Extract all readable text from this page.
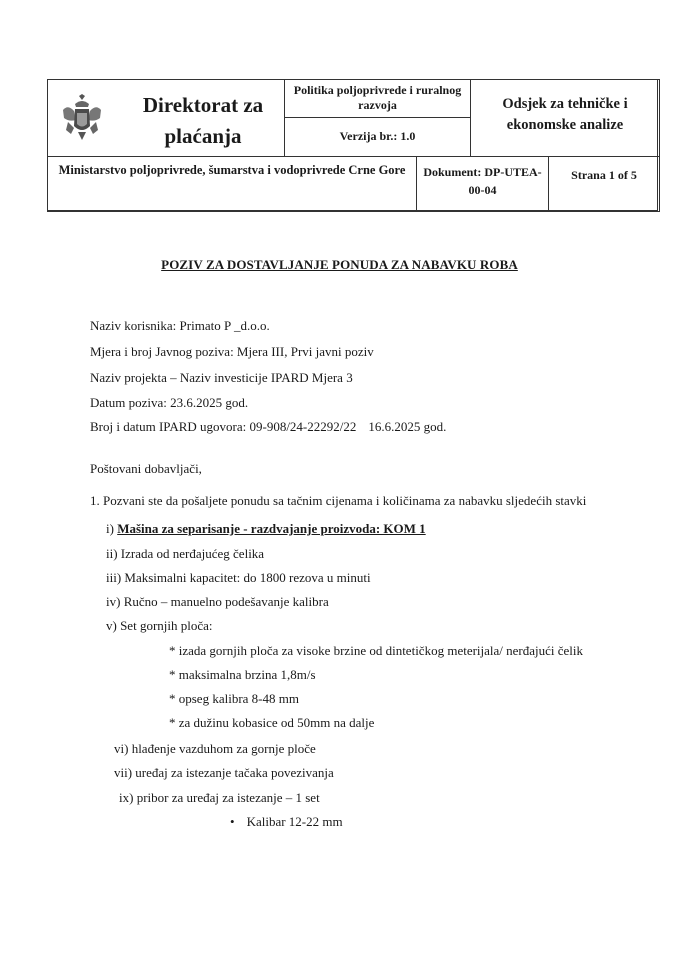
Direktorat za plaćanja
Politika poljoprivrede i ruralnog razvoja
Verzija br.: 1.0
Odsjek za tehničke i ekonomske analize
Ministarstvo poljoprivrede, šumarstva i vodoprivrede Crne Gore	Dokument: DP-UTEA-00-04
Strana 1 of 5
POZIV ZA DOSTAVLJANJE PONUDA ZA NABAVKU ROBA
Naziv korisnika: Primato P _d.o.o.
Mjera i broj Javnog poziva: Mjera III, Prvi javni poziv
Naziv projekta – Naziv investicije IPARD Mjera 3
Datum poziva: 23.6.2025 god.
Broj i datum IPARD ugovora: 09-908/24-22292/22 16.6.2025 god.
Poštovani dobavljači,
1. Pozvani ste da pošaljete ponudu sa tačnim cijenama i količinama za nabavku sljedećih stavki
i) Mašina za separisanje - razdvajanje proizvoda: KOM 1
ii) Izrada od nerđajućeg čelika
iii) Maksimalni kapacitet: do 1800 rezova u minuti
iv) Ručno – manuelno podešavanje kalibra
v) Set gornjih ploča:
* izada gornjih ploča za visoke brzine od dintetičkog meterijala/ nerđajući čelik
* maksimalna brzina 1,8m/s
* opseg kalibra 8-48 mm
* za dužinu kobasice od 50mm na dalje
vi) hlađenje vazduhom za gornje ploče
vii) uređaj za istezanje tačaka povezivanja
ix) pribor za uređaj za istezanje – 1 set
• Kalibar 12-22 mm
